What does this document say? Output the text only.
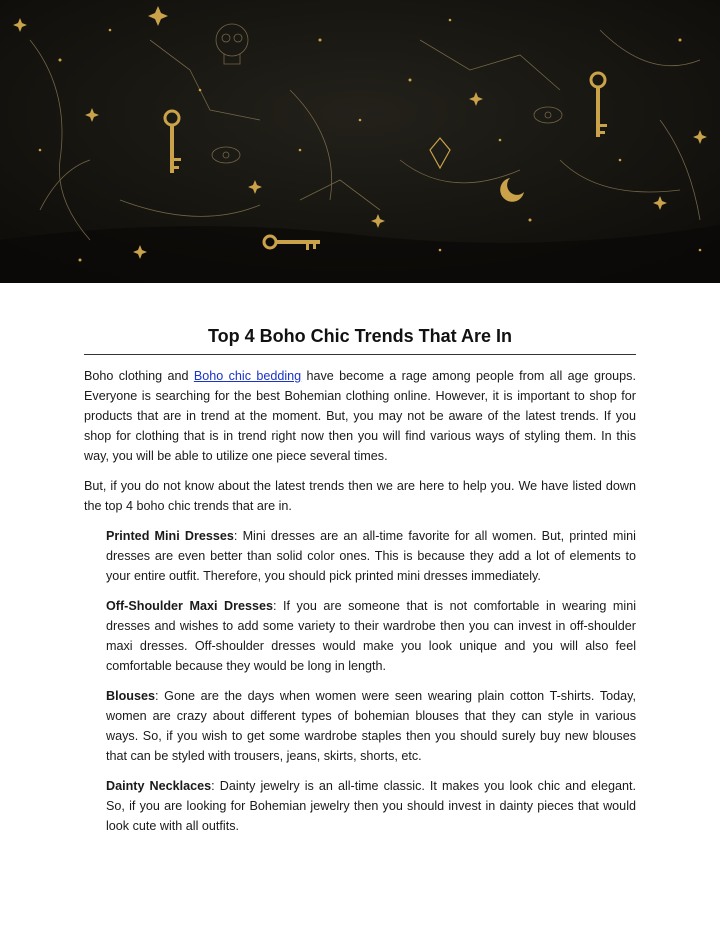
Top 4 Boho Chic Trends That Are In

Boho clothing and Boho chic bedding have become a rage among people from all age groups. Everyone is searching for the best Bohemian clothing online. However, it is important to shop for products that are in trend at the moment. But, you may not be aware of the latest trends. If you shop for clothing that is in trend right now then you will find various ways of styling them. In this way, you will be able to utilize one piece several times.

But, if you do not know about the latest trends then we are here to help you. We have listed down the top 4 boho chic trends that are in.

Printed Mini Dresses: Mini dresses are an all-time favorite for all women. But, printed mini dresses are even better than solid color ones. This is because they add a lot of elements to your entire outfit. Therefore, you should pick printed mini dresses immediately.

Off-Shoulder Maxi Dresses: If you are someone that is not comfortable in wearing mini dresses and wishes to add some variety to their wardrobe then you can invest in off-shoulder maxi dresses. Off-shoulder dresses would make you look unique and you will also feel comfortable because they would be long in length.

Blouses: Gone are the days when women were seen wearing plain cotton T-shirts. Today, women are crazy about different types of bohemian blouses that they can style in various ways. So, if you wish to get some wardrobe staples then you should surely buy new blouses that can be styled with trousers, jeans, skirts, shorts, etc.

Dainty Necklaces: Dainty jewelry is an all-time classic. It makes you look chic and elegant. So, if you are looking for Bohemian jewelry then you should invest in dainty pieces that would look cute with all outfits.
